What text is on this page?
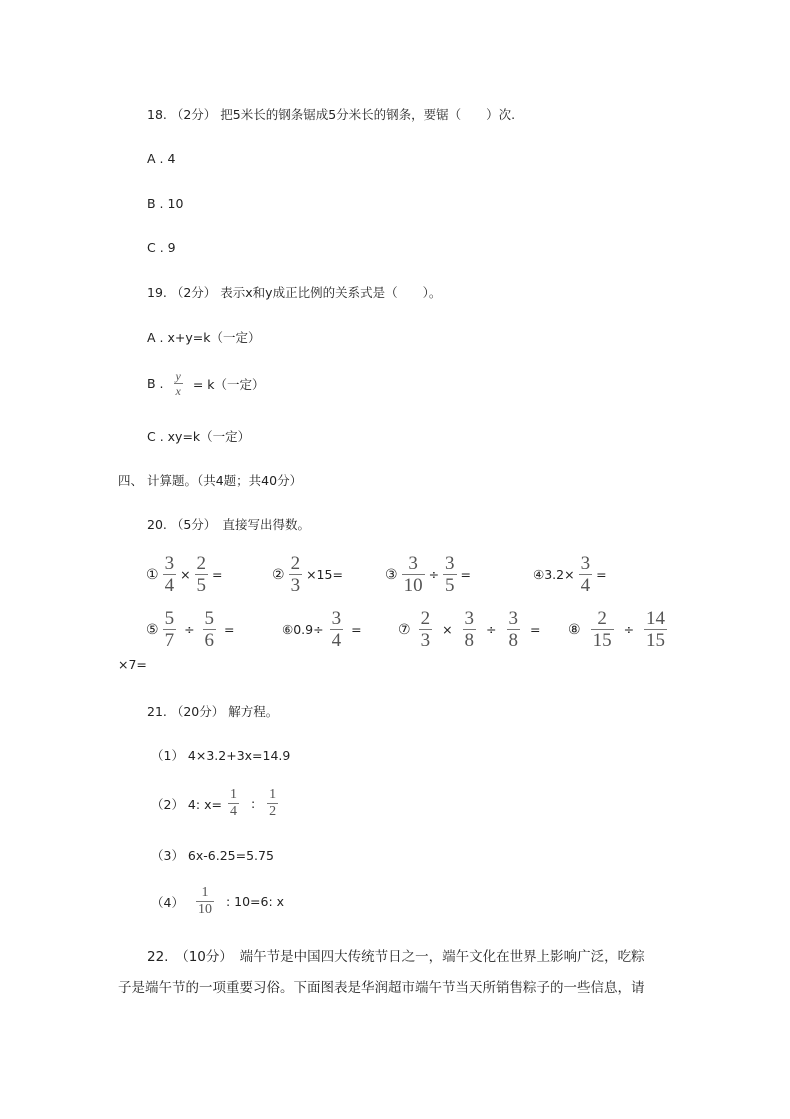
18. （2分） 把5米长的钢条锯成5分米长的钢条，要锯（　　）次.
A . 4
B . 10
C . 9
19. （2分） 表示x和y成正比例的关系式是（　　）。
A . x+y=k（一定）
B . $\frac{y}{x} = k$（一定）
C . xy=k（一定）
四、 计算题。（共4题；共40分）
20. （5分）　直接写出得数。
① $\frac{3}{4} \times \frac{2}{5}$ =	② $\frac{2}{3} \times 15=$	③ $\frac{3}{10} \div \frac{3}{5}$ =	④3.2× $\frac{3}{4}$ =
⑤ $\frac{5}{7} \div \frac{5}{6}$ =	⑥0.9÷ $\frac{3}{4}$ =	⑦ $\frac{2}{3} \times \frac{3}{8} \div \frac{3}{8}$ = ⑧ $\frac{2}{15} \div \frac{14}{15}$
×7=
21. （20分） 解方程。
（1） 4×3.2+3x=14.9
（2） 4: $x= \frac{1}{4}$ : $\frac{1}{2}$
（3） 6x-6.25=5.75
$(4) \frac{1}{10}$ : 10=6: x
22.　（10分）　端午节是中国四大传统节日之一，端午文化在世界上影响广泛，吃粽
子是端午节的一项重要习俗。下面图表是华润超市端午节当天所销售粽子的一些信息，请
